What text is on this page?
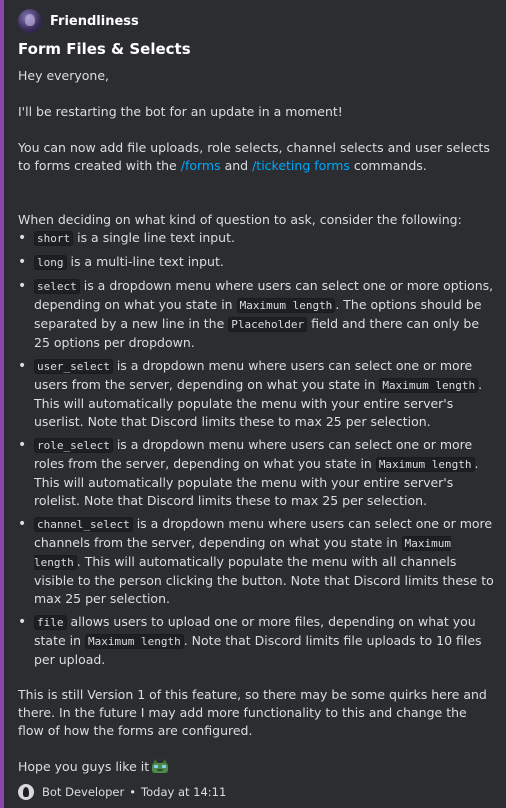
Friendliness
Form Files & Selects

Hey everyone,

I'll be restarting the bot for an update in a moment!

You can now add file uploads, role selects, channel selects and user selects to forms created with the /forms and /ticketing forms commands.

When deciding on what kind of question to ask, consider the following:

• short is a single line text input.
• long is a multi-line text input.
• select is a dropdown menu where users can select one or more options, depending on what you state in Maximum length . The options should be separated by a new line in the Placeholder field and there can only be 25 options per dropdown.
• user_select is a dropdown menu where users can select one or more users from the server, depending on what you state in Maximum length . This will automatically populate the menu with your entire server's userlist. Note that Discord limits these to max 25 per selection.
• role_select is a dropdown menu where users can select one or more roles from the server, depending on what you state in Maximum length . This will automatically populate the menu with your entire server's rolelist. Note that Discord limits these to max 25 per selection.
• channel_select is a dropdown menu where users can select one or more channels from the server, depending on what you state in Maximum length . This will automatically populate the menu with all channels visible to the person clicking the button. Note that Discord limits these to max 25 per selection.
• file allows users to upload one or more files, depending on what you state in Maximum length . Note that Discord limits file uploads to 10 files per upload.

This is still Version 1 of this feature, so there may be some quirks here and there. In the future I may add more functionality to this and change the flow of how the forms are configured.

Hope you guys like it

Bot Developer • Today at 14:11
